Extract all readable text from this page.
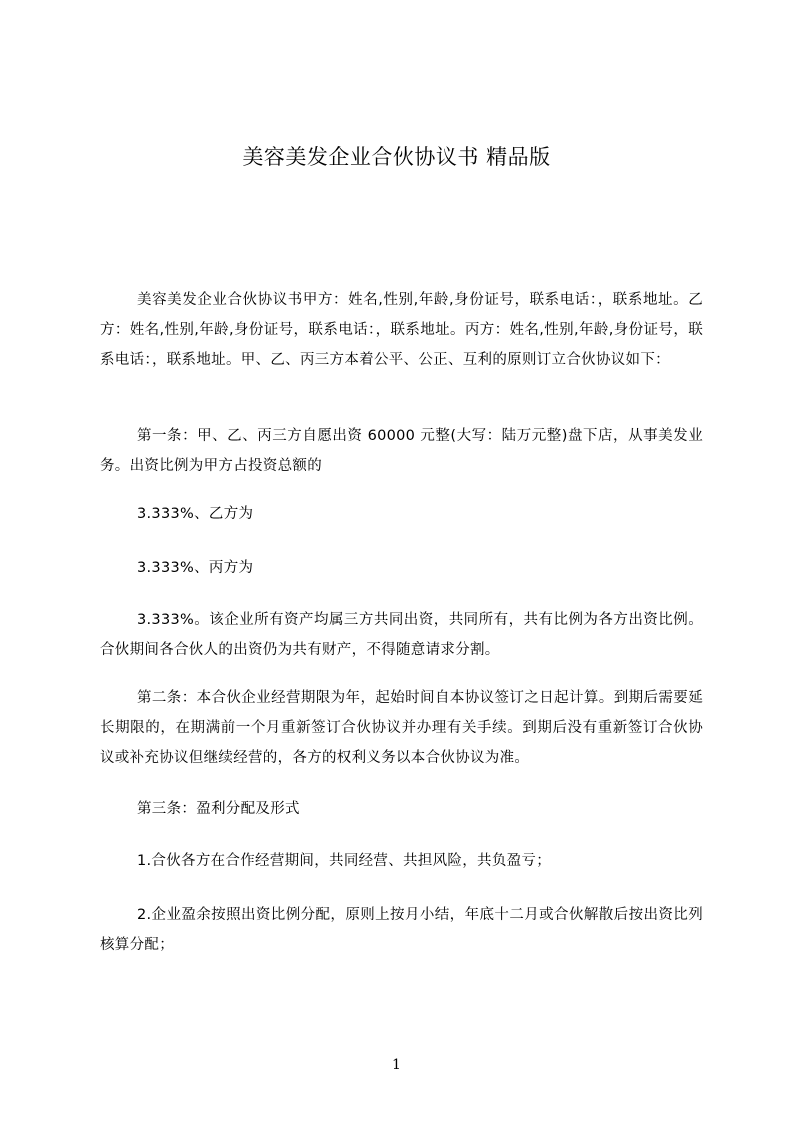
美容美发企业合伙协议书 精品版

美容美发企业合伙协议书甲方：姓名,性别,年龄,身份证号，联系电话：，联系地址。乙方：姓名,性别,年龄,身份证号，联系电话：，联系地址。丙方：姓名,性别,年龄,身份证号，联系电话：，联系地址。甲、乙、丙三方本着公平、公正、互利的原则订立合伙协议如下：

第一条：甲、乙、丙三方自愿出资 60000 元整(大写：陆万元整)盘下店，从事美发业务。出资比例为甲方占投资总额的

3.333%、乙方为

3.333%、丙方为

3.333%。该企业所有资产均属三方共同出资，共同所有，共有比例为各方出资比例。合伙期间各合伙人的出资仍为共有财产，不得随意请求分割。

第二条：本合伙企业经营期限为年，起始时间自本协议签订之日起计算。到期后需要延长期限的，在期满前一个月重新签订合伙协议并办理有关手续。到期后没有重新签订合伙协议或补充协议但继续经营的，各方的权利义务以本合伙协议为准。

第三条：盈利分配及形式

1.合伙各方在合作经营期间，共同经营、共担风险，共负盈亏；

2.企业盈余按照出资比例分配，原则上按月小结，年底十二月或合伙解散后按出资比列核算分配；

1
